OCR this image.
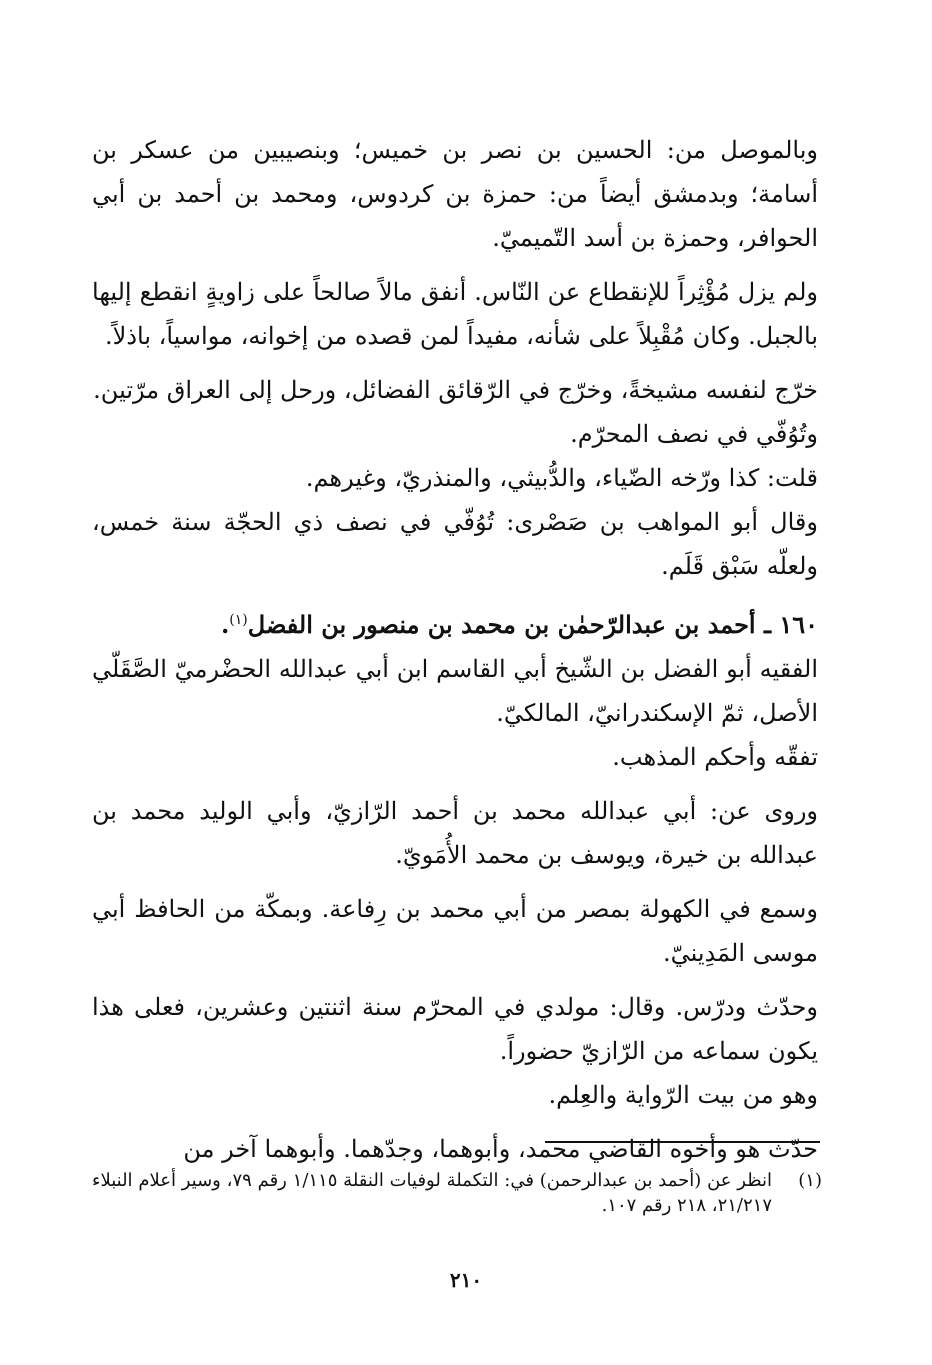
وبالموصل من: الحسين بن نصر بن خميس؛ وبنصيبين من عسكر بن أسامة؛ وبدمشق أيضاً من: حمزة بن كردوس، ومحمد بن أحمد بن أبي الحوافر، وحمزة بن أسد التّميميّ.

ولم يزل مُؤْثِراً للإنقطاع عن النّاس. أنفق مالاً صالحاً على زاويةٍ انقطع إليها بالجبل. وكان مُقْبِلاً على شأنه، مفيداً لمن قصده من إخوانه، مواسياً، باذلاً.

خرّج لنفسه مشيخةً، وخرّج في الرّقائق الفضائل، ورحل إلى العراق مرّتين.

وتُوُفّي في نصف المحرّم.

قلت: كذا ورّخه الضّياء، والدُّبيثي، والمنذريّ، وغيرهم.

وقال أبو المواهب بن صَصْرى: تُوُفّي في نصف ذي الحجّة سنة خمس، ولعلّه سَبْق قَلَم.

١٦٠ ـ أحمد بن عبدالرّحمٰن بن محمد بن منصور بن الفضل$^{(١)}$.

الفقيه أبو الفضل بن الشّيخ أبي القاسم ابن أبي عبدالله الحضْرميّ الصَّقَلّي الأصل، ثمّ الإسكندرانيّ، المالكيّ.

تفقّه وأحكم المذهب.

وروى عن: أبي عبدالله محمد بن أحمد الرّازيّ، وأبي الوليد محمد بن عبدالله بن خيرة، ويوسف بن محمد الأُمَويّ.

وسمع في الكهولة بمصر من أبي محمد بن رِفاعة. وبمكّة من الحافظ أبي موسى المَدِينيّ.

وحدّث ودرّس. وقال: مولدي في المحرّم سنة اثنتين وعشرين، فعلى هذا يكون سماعه من الرّازيّ حضوراً.

وهو من بيت الرّواية والعِلم.

حدّث هو وأخوه القاضي محمد، وأبوهما، وجدّهما. وأبوهما آخر من

(١)
انظر عن (أحمد بن عبدالرحمن) في: التكملة لوفيات النقلة ١/١١٥ رقم ٧٩، وسير أعلام النبلاء ٢١/٢١٧، ٢١٨ رقم ١٠٧.
٢١٠
